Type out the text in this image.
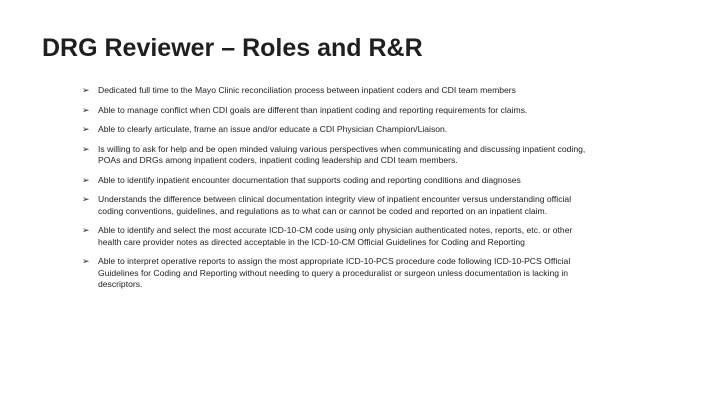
DRG Reviewer – Roles and R&R
➢ Dedicated full time to the Mayo Clinic reconciliation process between inpatient coders and CDI team members
➢ Able to manage conflict when CDI goals are different than inpatient coding and reporting requirements for claims.
➢ Able to clearly articulate, frame an issue and/or educate a CDI Physician Champion/Liaison.
➢ Is willing to ask for help and be open minded valuing various perspectives when communicating and discussing inpatient coding, POAs and DRGs among inpatient coders, inpatient coding leadership and CDI team members.
➢ Able to identify inpatient encounter documentation that supports coding and reporting conditions and diagnoses
➢ Understands the difference between clinical documentation integrity view of inpatient encounter versus understanding official coding conventions, guidelines, and regulations as to what can or cannot be coded and reported on an inpatient claim.
➢ Able to identify and select the most accurate ICD-10-CM code using only physician authenticated notes, reports, etc. or other health care provider notes as directed acceptable in the ICD-10-CM Official Guidelines for Coding and Reporting
➢ Able to interpret operative reports to assign the most appropriate ICD-10-PCS procedure code following ICD-10-PCS Official Guidelines for Coding and Reporting without needing to query a proceduralist or surgeon unless documentation is lacking in descriptors.
